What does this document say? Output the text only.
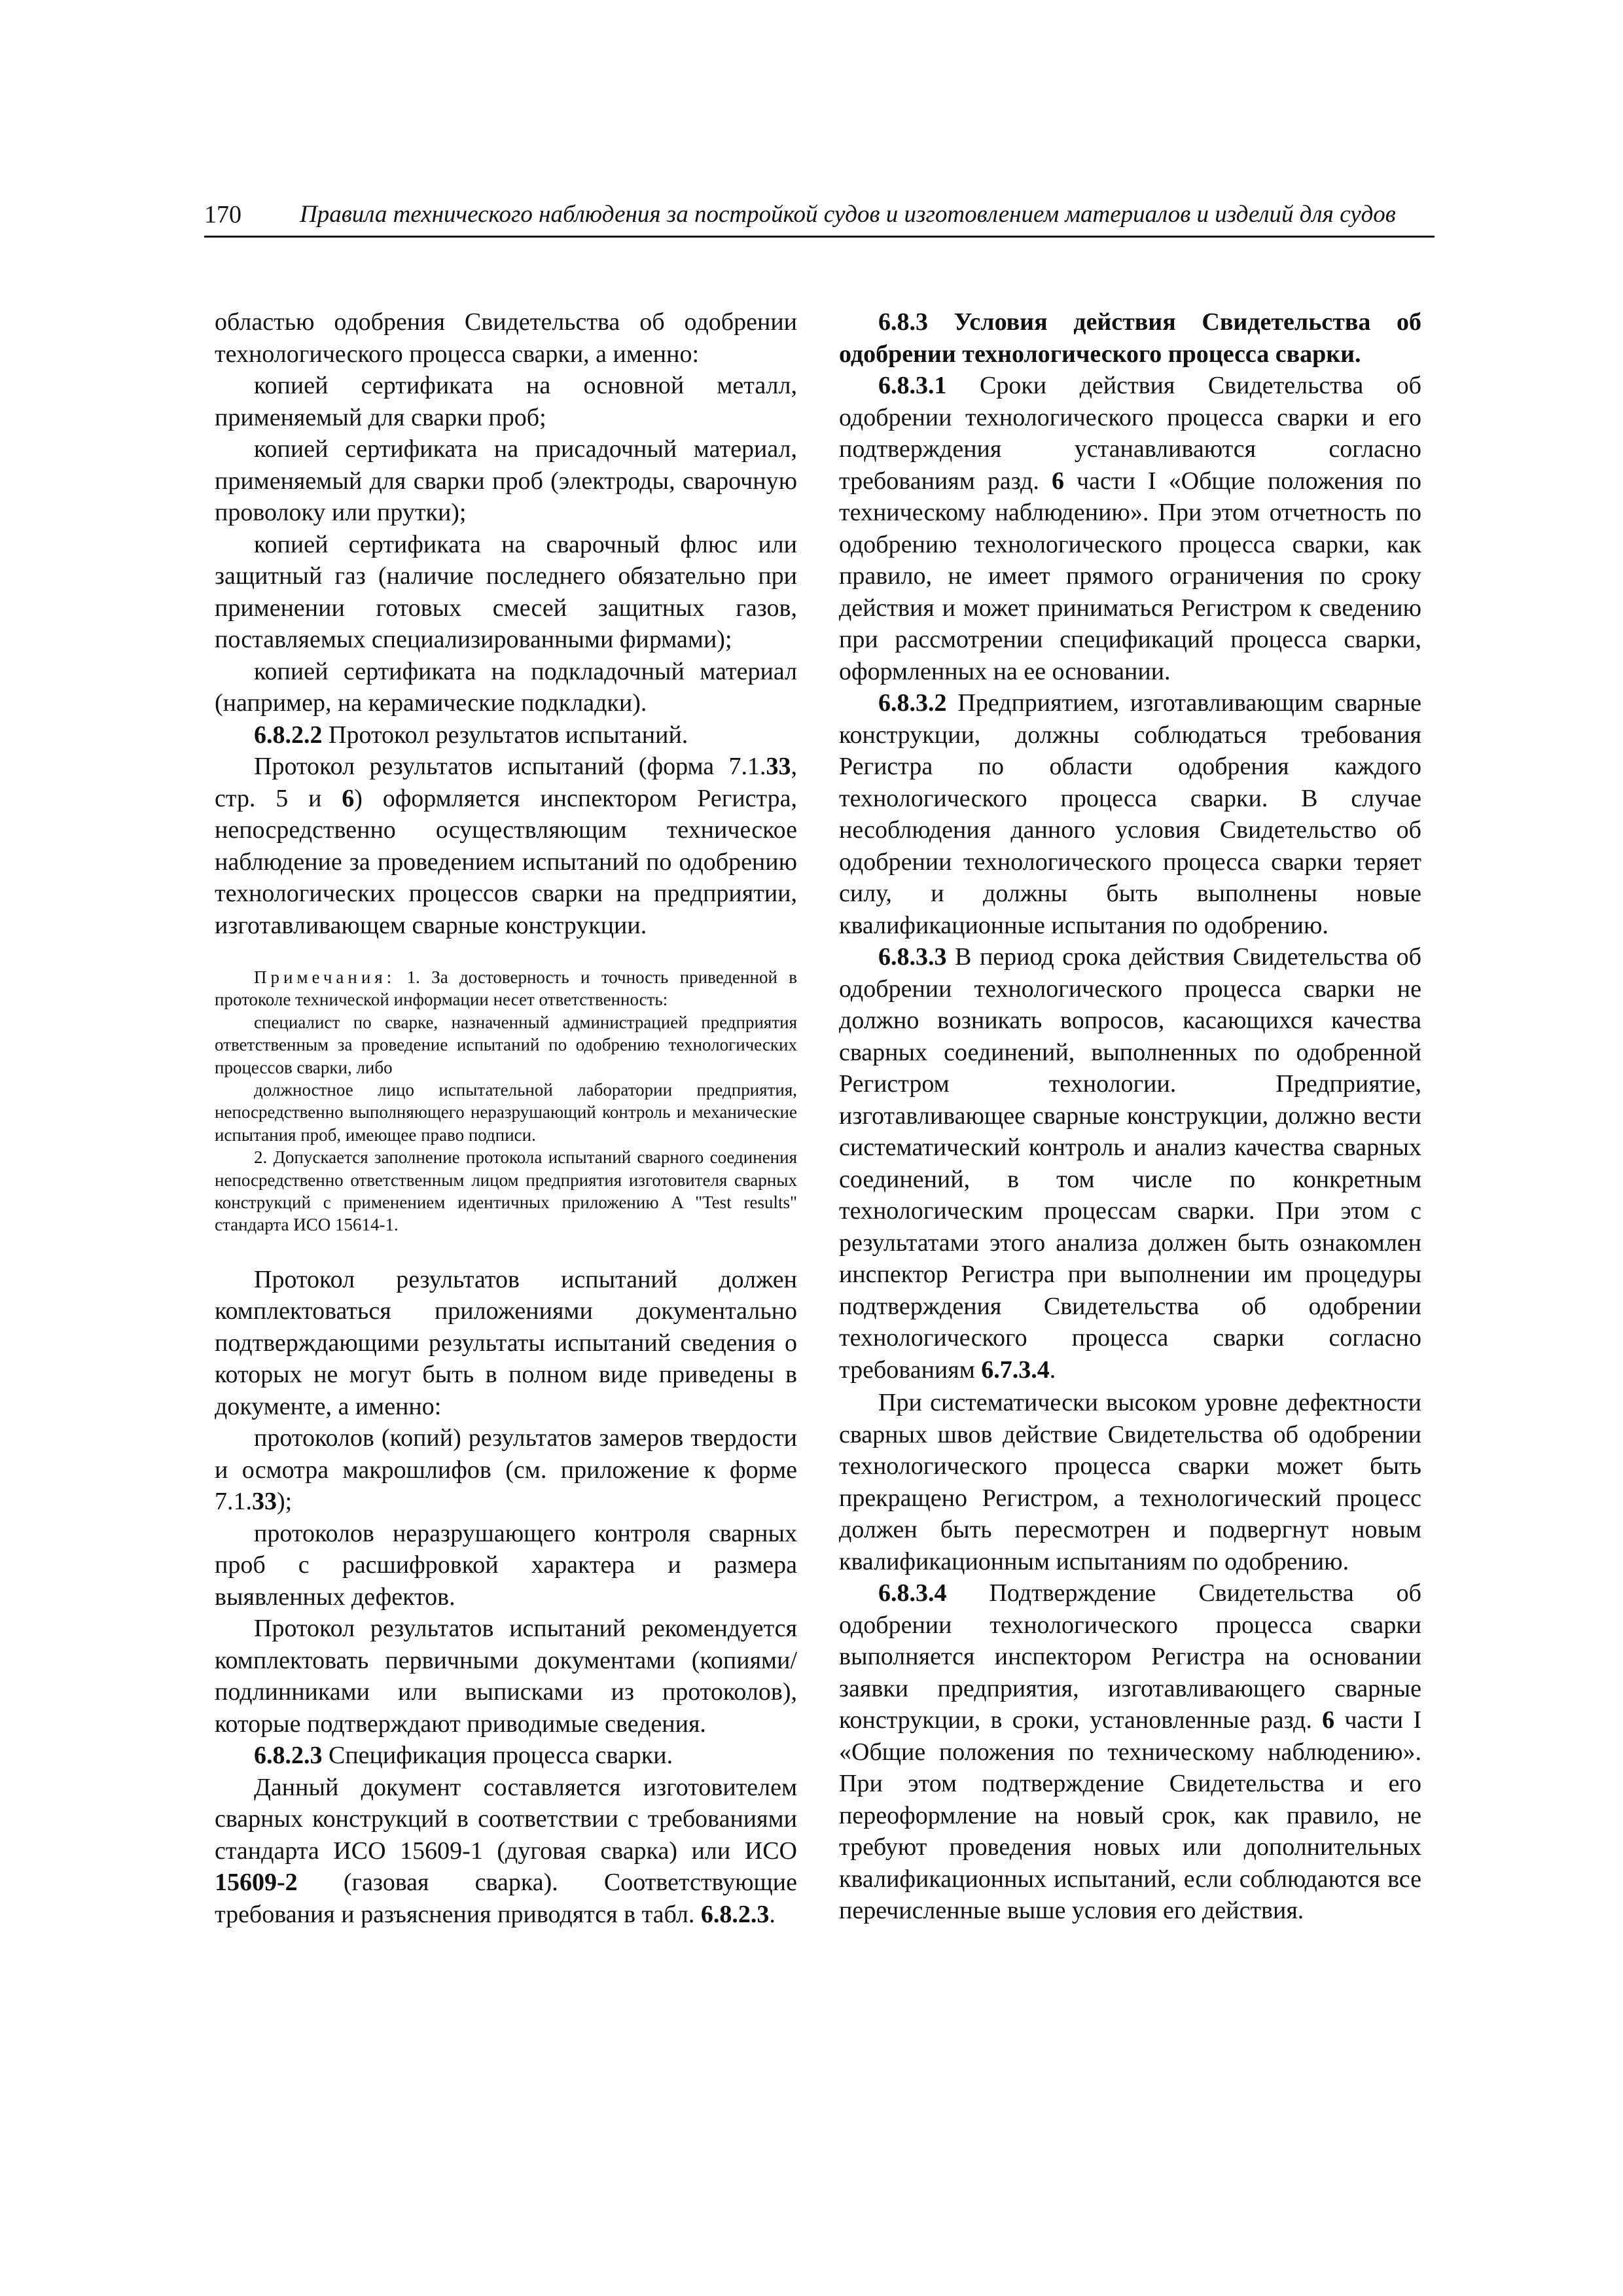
170 Правила технического наблюдения за постройкой судов и изготовлением материалов и изделий для судов

областью одобрения Свидетельства об одобрении технологического процесса сварки, а именно:

копией сертификата на основной металл, применяемый для сварки проб;

копией сертификата на присадочный материал, применяемый для сварки проб (электроды, сварочную проволоку или прутки);

копией сертификата на сварочный флюс или защитный газ (наличие последнего обязательно при применении готовых смесей защитных газов, поставляемых специализированными фирмами);

копией сертификата на подкладочный материал (например, на керамические подкладки).

6.8.2.2 Протокол результатов испытаний.

Протокол результатов испытаний (форма 7.1.33, стр. 5 и 6) оформляется инспектором Регистра, непосредственно осуществляющим техническое наблюдение за проведением испытаний по одобрению технологических процессов сварки на предприятии, изготавливающем сварные конструкции.

Примечания: 1. За достоверность и точность приведенной в протоколе технической информации несет ответственность:

специалист по сварке, назначенный администрацией предприятия ответственным за проведение испытаний по одобрению технологических процессов сварки, либо

должностное лицо испытательной лаборатории предприятия, непосредственно выполняющего неразрушающий контроль и механические испытания проб, имеющее право подписи.

2. Допускается заполнение протокола испытаний сварного соединения непосредственно ответственным лицом предприятия изготовителя сварных конструкций с применением идентичных приложению A "Test results" стандарта ИСО 15614-1.

Протокол результатов испытаний должен комплектоваться приложениями документально подтверждающими результаты испытаний сведения о которых не могут быть в полном виде приведены в документе, а именно:

протоколов (копий) результатов замеров твердости и осмотра макрошлифов (см. приложение к форме 7.1.33);

протоколов неразрушающего контроля сварных проб с расшифровкой характера и размера выявленных дефектов.

Протокол результатов испытаний рекомендуется комплектовать первичными документами (копиями/подлинниками или выписками из протоколов), которые подтверждают приводимые сведения.

6.8.2.3 Спецификация процесса сварки.

Данный документ составляется изготовителем сварных конструкций в соответствии с требованиями стандарта ИСО 15609-1 (дуговая сварка) или ИСО 15609-2 (газовая сварка). Соответствующие требования и разъяснения приводятся в табл. 6.8.2.3.

6.8.3 Условия действия Свидетельства об одобрении технологического процесса сварки.

6.8.3.1 Сроки действия Свидетельства об одобрении технологического процесса сварки и его подтверждения устанавливаются согласно требованиям разд. 6 части I «Общие положения по техническому наблюдению». При этом отчетность по одобрению технологического процесса сварки, как правило, не имеет прямого ограничения по сроку действия и может приниматься Регистром к сведению при рассмотрении спецификаций процесса сварки, оформленных на ее основании.

6.8.3.2 Предприятием, изготавливающим сварные конструкции, должны соблюдаться требования Регистра по области одобрения каждого технологического процесса сварки. В случае несоблюдения данного условия Свидетельство об одобрении технологического процесса сварки теряет силу, и должны быть выполнены новые квалификационные испытания по одобрению.

6.8.3.3 В период срока действия Свидетельства об одобрении технологического процесса сварки не должно возникать вопросов, касающихся качества сварных соединений, выполненных по одобренной Регистром технологии. Предприятие, изготавливающее сварные конструкции, должно вести систематический контроль и анализ качества сварных соединений, в том числе по конкретным технологическим процессам сварки. При этом с результатами этого анализа должен быть ознакомлен инспектор Регистра при выполнении им процедуры подтверждения Свидетельства об одобрении технологического процесса сварки согласно требованиям 6.7.3.4.

При систематически высоком уровне дефектности сварных швов действие Свидетельства об одобрении технологического процесса сварки может быть прекращено Регистром, а технологический процесс должен быть пересмотрен и подвергнут новым квалификационным испытаниям по одобрению.

6.8.3.4 Подтверждение Свидетельства об одобрении технологического процесса сварки выполняется инспектором Регистра на основании заявки предприятия, изготавливающего сварные конструкции, в сроки, установленные разд. 6 части I «Общие положения по техническому наблюдению». При этом подтверждение Свидетельства и его переоформление на новый срок, как правило, не требуют проведения новых или дополнительных квалификационных испытаний, если соблюдаются все перечисленные выше условия его действия.
